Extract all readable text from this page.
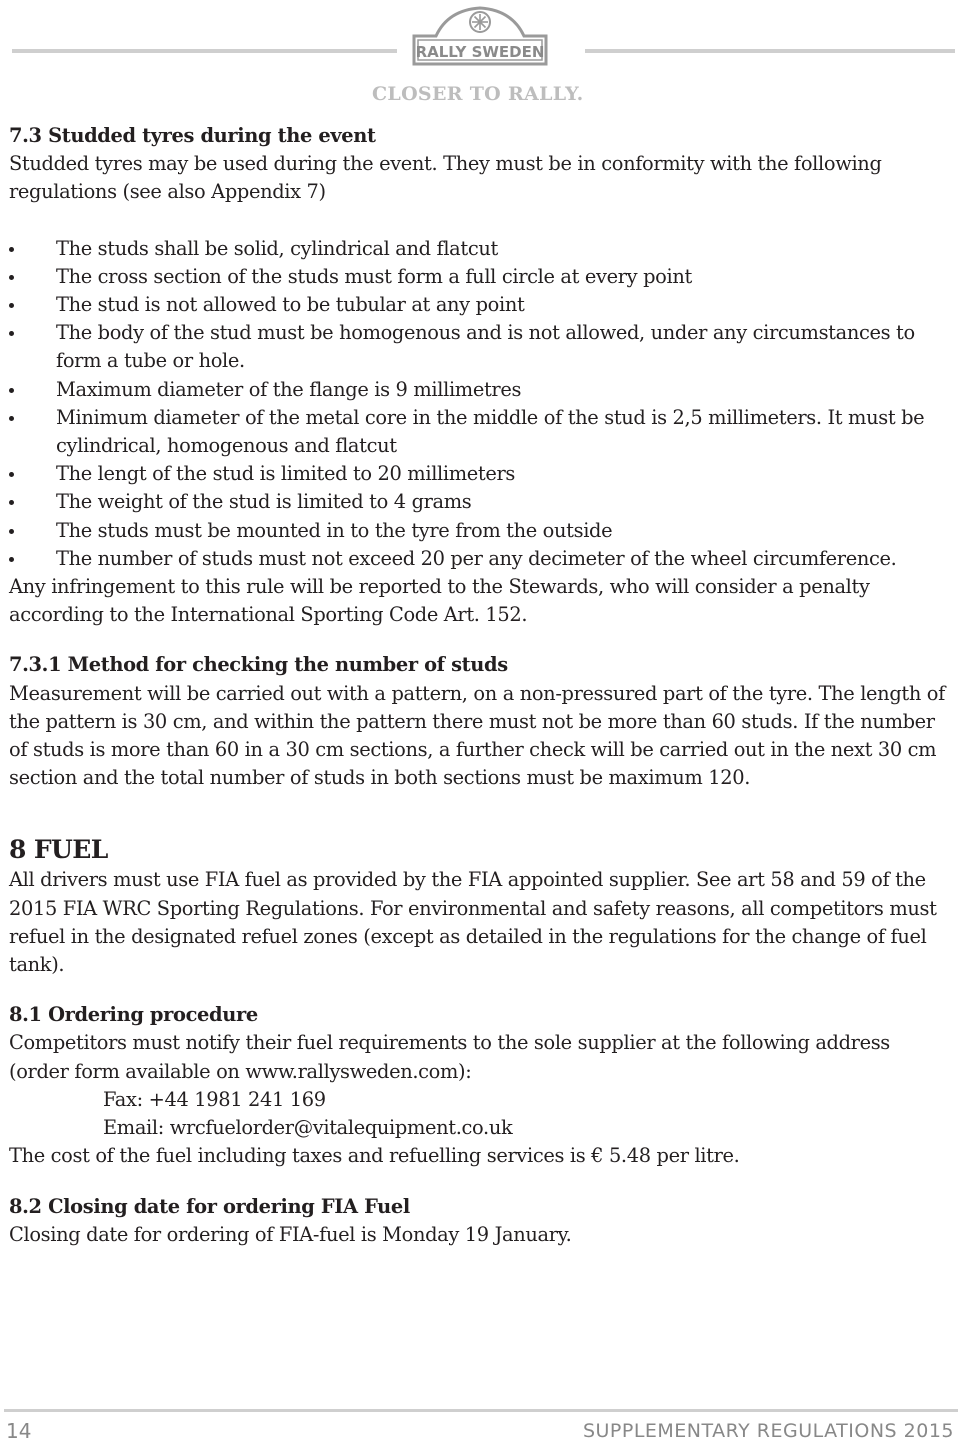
RALLY SWEDEN
CLOSER TO RALLY.
7.3 Studded tyres during the event

Studded tyres may be used during the event. They must be in conformity with the following regulations (see also Appendix 7)

The studs shall be solid, cylindrical and flatcut
The cross section of the studs must form a full circle at every point
The stud is not allowed to be tubular at any point
The body of the stud must be homogenous and is not allowed, under any circumstances to form a tube or hole.
Maximum diameter of the flange is 9 millimetres
Minimum diameter of the metal core in the middle of the stud is 2,5 millimeters. It must be cylindrical, homogenous and flatcut
The lengt of the stud is limited to 20 millimeters
The weight of the stud is limited to 4 grams
The studs must be mounted in to the tyre from the outside
The number of studs must not exceed 20 per any decimeter of the wheel circumference.

Any infringement to this rule will be reported to the Stewards, who will consider a penalty according to the International Sporting Code Art. 152.

7.3.1 Method for checking the number of studs

Measurement will be carried out with a pattern, on a non-pressured part of the tyre. The length of the pattern is 30 cm, and within the pattern there must not be more than 60 studs. If the number of studs is more than 60 in a 30 cm sections, a further check will be carried out in the next 30 cm section and the total number of studs in both sections must be maximum 120.

8 FUEL

All drivers must use FIA fuel as provided by the FIA appointed supplier. See art 58 and 59 of the 2015 FIA WRC Sporting Regulations. For environmental and safety reasons, all competitors must refuel in the designated refuel zones (except as detailed in the regulations for the change of fuel tank).

8.1 Ordering procedure

Competitors must notify their fuel requirements to the sole supplier at the following address (order form available on www.rallysweden.com):

Fax: +44 1981 241 169

Email: wrcfuelorder@vitalequipment.co.uk

The cost of the fuel including taxes and refuelling services is € 5.48 per litre.

8.2 Closing date for ordering FIA Fuel

Closing date for ordering of FIA-fuel is Monday 19 January.

14	SUPPLEMENTARY REGULATIONS 2015
